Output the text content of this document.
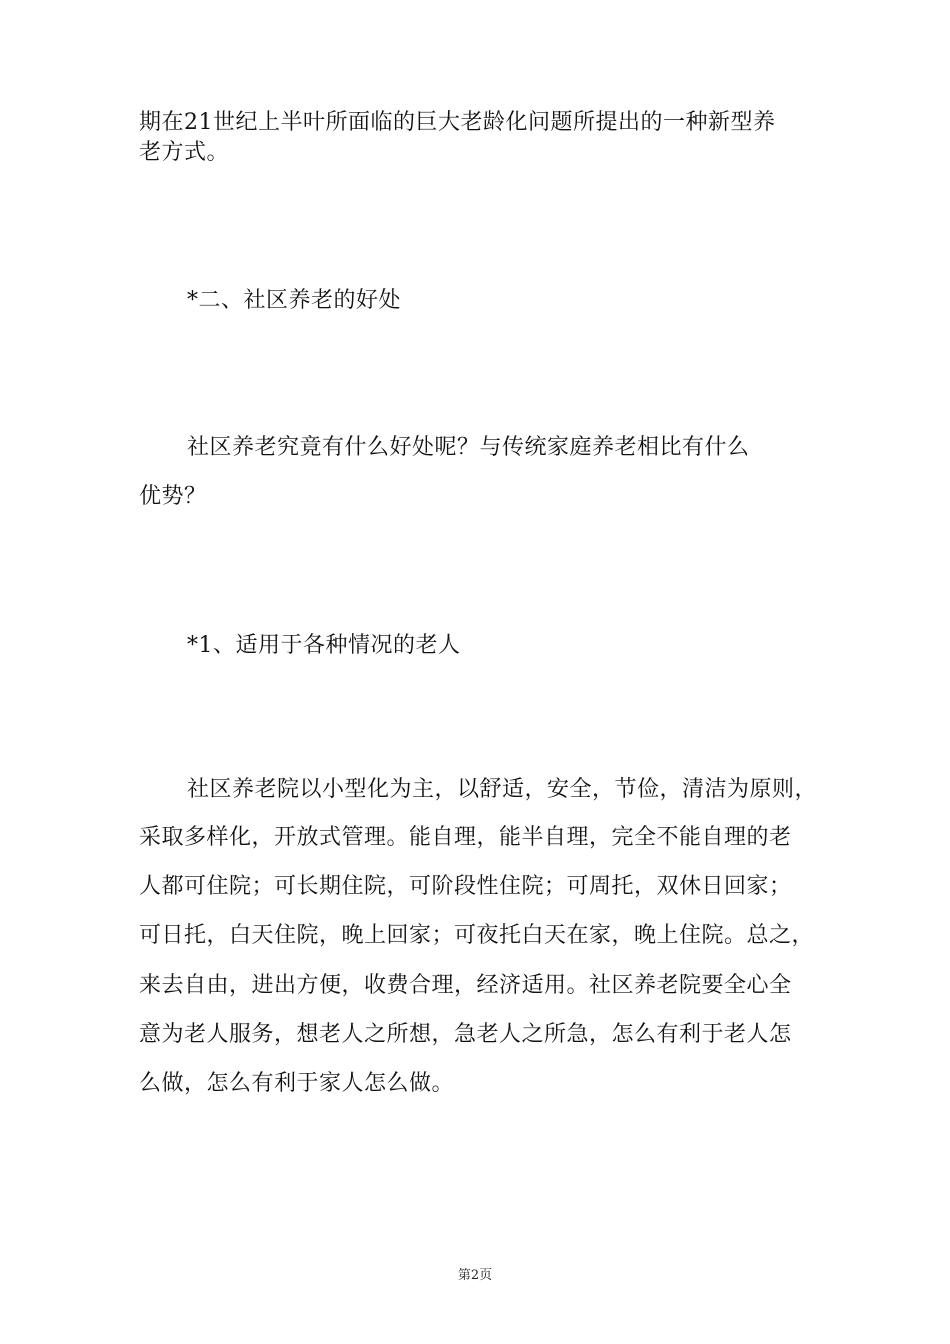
期在21世纪上半叶所面临的巨大老龄化问题所提出的一种新型养
老方式。
*二、社区养老的好处
社区养老究竟有什么好处呢？与传统家庭养老相比有什么
优势？
*1、适用于各种情况的老人
社区养老院以小型化为主，以舒适，安全，节俭，清洁为原则，
采取多样化，开放式管理。能自理，能半自理，完全不能自理的老
人都可住院；可长期住院，可阶段性住院；可周托，双休日回家；
可日托，白天住院，晚上回家；可夜托白天在家，晚上住院。总之，
来去自由，进出方便，收费合理，经济适用。社区养老院要全心全
意为老人服务，想老人之所想，急老人之所急，怎么有利于老人怎
么做，怎么有利于家人怎么做。
第2页
